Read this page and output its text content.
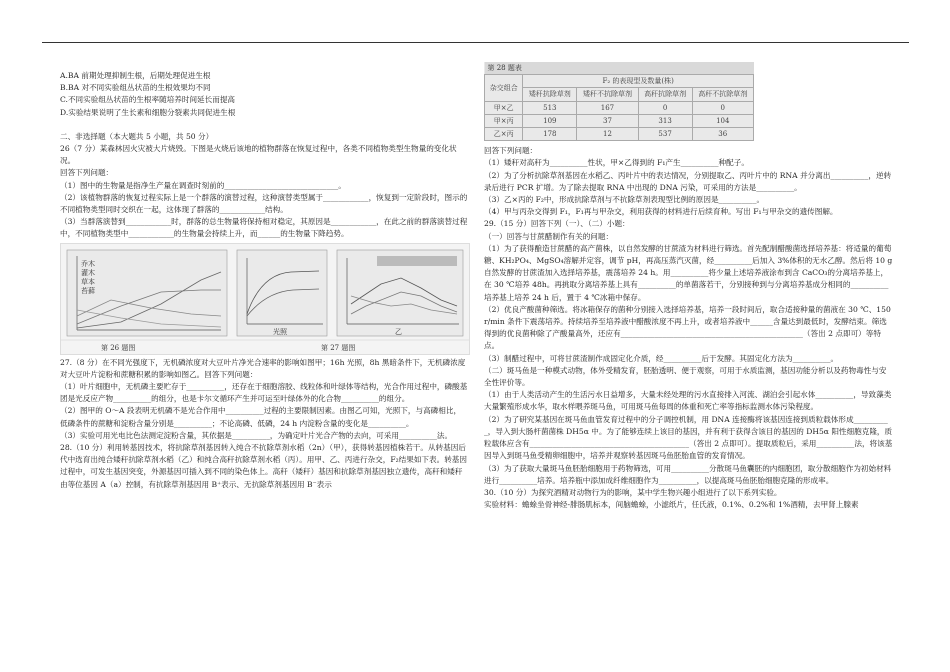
A.BA 前期处理抑制生根，后期处理促进生根

B.BA 对不同实验组丛状苗的生根效果均不同

C.不同实验组丛状苗的生根率随培养时间延长而提高

D.实验结果说明了生长素和细胞分裂素共同促进生根

二、非选择题（本大题共 5 小题，共 50 分）

26（7 分）某森林因火灾被大片烧毁。下图是火烧后该地的植物群落在恢复过程中，各类不同植物类型生物量的变化状况。

回答下列问题：

（1）图中的生物量是指净生产量在调查时刻前的______________________________。

（2）该植物群落的恢复过程实际上是一个群落的演替过程，这种演替类型属于____________，恢复到一定阶段时，图示的不同植物类型同时交织在一起，这体现了群落的____________结构。

（3）当群落演替到____________时，群落的总生物量将保持相对稳定，其原因是____________，在此之前的群落演替过程中，不同植物类型中____________的生物量会持续上升，而______的生物量下降趋势。

乔木
灌木
草本
苔藓
光照	乙
第 26 题图	第 27 题图

27.（8 分）在不同光强度下，无机磷浓度对大豆叶片净光合速率的影响如图甲；16h 光照，8h 黑暗条件下，无机磷浓度对大豆叶片淀粉和蔗糖积累的影响如图乙。回答下列问题：

（1）叶片细胞中，无机磷主要贮存于__________，还存在于细胞溶胶、线粒体和叶绿体等结构，光合作用过程中，磷酸基团是光反应产物__________的组分，也是卡尔文循环产生并可运至叶绿体外的化合物__________的组分。

（2）图甲的 O～A 段表明无机磷不是光合作用中__________过程的主要限制因素。由图乙可知，光照下，与高磷相比，低磷条件的蔗糖和淀粉含量分别是__________；不论高磷、低磷，24 h 内淀粉含量的变化是__________。

（3）实验可用光电比色法测定淀粉含量，其依据是__________，为确定叶片光合产物的去向，可采用__________法。

28.（10 分）利用转基因技术，将抗除草剂基因转入纯合不抗除草剂水稻（2n）（甲），获得转基因植株若干。从转基因后代中选育出纯合矮秆抗除草剂水稻（乙）和纯合高秆抗除草剂水稻（丙）。用甲、乙、丙进行杂交，F₂结果如下表。转基因过程中，可发生基因突变，外源基因可插入到不同的染色体上。高秆（矮秆）基因和抗除草剂基因独立遗传，高秆和矮秆由等位基因 A（a）控制，有抗除草剂基因用 B⁺表示、无抗除草剂基因用 B⁻表示

第 28 题表				
杂交组合	F₂ 的表现型及数量(株)			
	矮秆抗除草剂	矮秆不抗除草剂	高秆抗除草剂	高秆不抗除草剂
甲×乙	513	167	0	0
甲×丙	109	37	313	104
乙×丙	178	12	537	36

回答下列问题：

（1）矮秆对高秆为__________性状，甲×乙得到的 F₁产生__________种配子。

（2）为了分析抗除草剂基因在水稻乙、丙叶片中的表达情况，分别提取乙、丙叶片中的 RNA 并分离出__________，逆转录后进行 PCR 扩增。为了除去提取 RNA 中出现的 DNA 污染，可采用的方法是__________。

（3）乙×丙的 F₂中，形成抗除草剂与不抗除草剂表现型比例的原因是__________。

（4）甲与丙杂交得到 F₁，F₁再与甲杂交，利用获得的材料进行后续育种。写出 F₁与甲杂交的遗传图解。

29.（15 分）回答下列（一）、（二）小题：

（一）回答与甘蔗醋制作有关的问题：

（1）为了获得酿造甘蔗醋的高产菌株，以自然发酵的甘蔗渣为材料进行筛选。首先配制醋酸菌选择培养基：将适量的葡萄糖、KH₂PO₄、MgSO₄溶解并定容，调节 pH，再高压蒸汽灭菌，经__________后加入 3%体积的无水乙醇。然后将 10 g 自然发酵的甘蔗渣加入选择培养基，震荡培养 24 h。用__________将少量上述培养液涂布到含 CaCO₃的分离培养基上，在 30 ℃培养 48h。再挑取分离培养基上具有__________的单菌落若干，分别接种到与分离培养基成分相同的__________培养基上培养 24 h 后，置于 4 ℃冰箱中保存。

（2）优良产酸菌种筛选。将冰箱保存的菌种分别接入选择培养基，培养一段时间后，取合适接种量的菌液在 30 ℃、150 r/min 条件下震荡培养。持续培养至培养液中醋酸浓度不再上升，或者培养液中______含量达到最低时，发酵结束。筛选得到的优良菌种除了产酸量高外，还应有________________________________________________（答出 2 点即可）等特点。

（3）制醋过程中，可将甘蔗渣制作成固定化介质，经__________后于发酵。其固定化方法为__________。

（二）斑马鱼是一种模式动物，体外受精发育，胚胎透明、便于观察，可用于水质监测，基因功能分析以及药物毒性与安全性评价等。

（1）由于人类活动产生的生活污水日益增多，大量未经处理的污水直接排入河流、湖泊会引起水体__________，导致藻类大量繁殖形成水华，取水样喂养斑马鱼，可用斑马鱼每周的体重和死亡率等指标监测水体污染程度。

（2）为了研究某基因在斑马鱼血管发育过程中的分子调控机制，用 DNA 连接酶将该基因连接到质粒载体形成__________，导入到大肠杆菌菌株 DH5α 中。为了能够连续上该目的基因，并有利于获得含该目的基因的 DH5α 阳性细胞克隆，质粒载体应含有__________________________________________（答出 2 点即可）。提取质粒后，采用__________法，将该基因导入到斑马鱼受精卵细胞中，培养并观察转基因斑马鱼胚胎血管的发育情况。

（3）为了获取大量斑马鱼胚胎细胞用于药物筛选，可用__________分散斑马鱼囊胚的内细胞团，取分散细胞作为初始材料进行__________培养。培养瓶中添加成纤维细胞作为__________，以提高斑马鱼胚胎细胞克隆的形成率。

30.（10 分）为探究酒精对动物行为的影响，某中学生物兴趣小组进行了以下系列实验。

实验材料：蟾蜍坐骨神经-腓肠肌标本，间脑蟾蜍，小滤纸片，任氏液，0.1%、0.2%和 1%酒精，去甲肾上腺素
